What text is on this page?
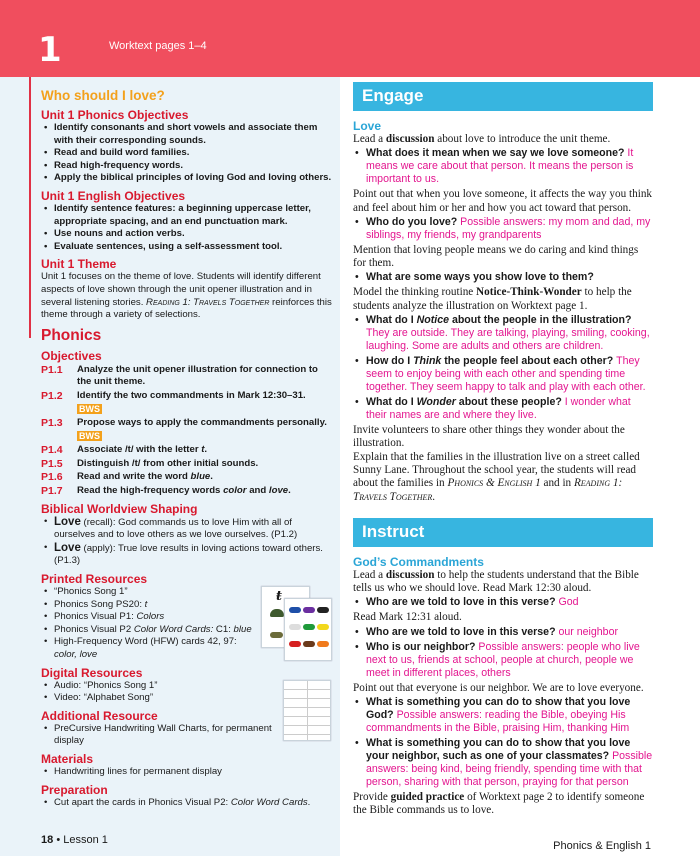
1	Worktext pages 1–4
Who should I love?
Unit 1 Phonics Objectives
• Identify consonants and short vowels and associate them with their corresponding sounds.
• Read and build word families.
• Read high-frequency words.
• Apply the biblical principles of loving God and loving others.
Unit 1 English Objectives
• Identify sentence features: a beginning uppercase letter, appropriate spacing, and an end punctuation mark.
• Use nouns and action verbs.
• Evaluate sentences, using a self-assessment tool.
Unit 1 Theme
Unit 1 focuses on the theme of love. Students will identify different aspects of love shown through the unit opener illustration and in several listening stories. Reading 1: Travels Together reinforces this theme through a variety of selections.
Phonics
Objectives
P1.1	Analyze the unit opener illustration for connection to the unit theme.
P1.2	Identify the two commandments in Mark 12:30–31. BWS
P1.3	Propose ways to apply the commandments personally. BWS
P1.4	Associate /t/ with the letter t.
P1.5	Distinguish /t/ from other initial sounds.
P1.6	Read and write the word blue.
P1.7	Read the high-frequency words color and love.
Biblical Worldview Shaping
• Love (recall): God commands us to love Him with all of ourselves and to love others as we love ourselves. (P1.2)
• Love (apply): True love results in loving actions toward others. (P1.3)
Printed Resources
ŧ
• “Phonics Song 1”
• Phonics Song PS20: t
• Phonics Visual P1: Colors
• Phonics Visual P2 Color Word Cards: C1: blue
• High-Frequency Word (HFW) cards 42, 97: color, love
Digital Resources
• Audio: “Phonics Song 1”
• Video: “Alphabet Song”
Additional Resource
• PreCursive Handwriting Wall Charts, for permanent display
Materials
• Handwriting lines for permanent display
Preparation
• Cut apart the cards in Phonics Visual P2: Color Word Cards.
18 • Lesson 1
Engage
Love
Lead a discussion about love to introduce the unit theme.
• What does it mean when we say we love someone? It means we care about that person. It means the person is important to us.
Point out that when you love someone, it affects the way you think and feel about him or her and how you act toward that person.
• Who do you love? Possible answers: my mom and dad, my siblings, my friends, my grandparents
Mention that loving people means we do caring and kind things for them.
• What are some ways you show love to them?
Model the thinking routine Notice-Think-Wonder to help the students analyze the illustration on Worktext page 1.
• What do I Notice about the people in the illustration? They are outside. They are talking, playing, smiling, cooking, laughing. Some are adults and others are children.
• How do I Think the people feel about each other? They seem to enjoy being with each other and spending time together. They seem happy to talk and play with each other.
• What do I Wonder about these people? I wonder what their names are and where they live.
Invite volunteers to share other things they wonder about the illustration.
Explain that the families in the illustration live on a street called Sunny Lane. Throughout the school year, the students will read about the families in Phonics & English 1 and in Reading 1: Travels Together.
Instruct
God’s Commandments
Lead a discussion to help the students understand that the Bible tells us who we should love. Read Mark 12:30 aloud.
• Who are we told to love in this verse? God
Read Mark 12:31 aloud.
• Who are we told to love in this verse? our neighbor
• Who is our neighbor? Possible answers: people who live next to us, friends at school, people at church, people we meet in different places, others
Point out that everyone is our neighbor. We are to love everyone.
• What is something you can do to show that you love God? Possible answers: reading the Bible, obeying His commandments in the Bible, praising Him, thanking Him
• What is something you can do to show that you love your neighbor, such as one of your classmates? Possible answers: being kind, being friendly, spending time with that person, sharing with that person, praying for that person
Provide guided practice of Worktext page 2 to identify someone the Bible commands us to love.
Phonics & English 1
